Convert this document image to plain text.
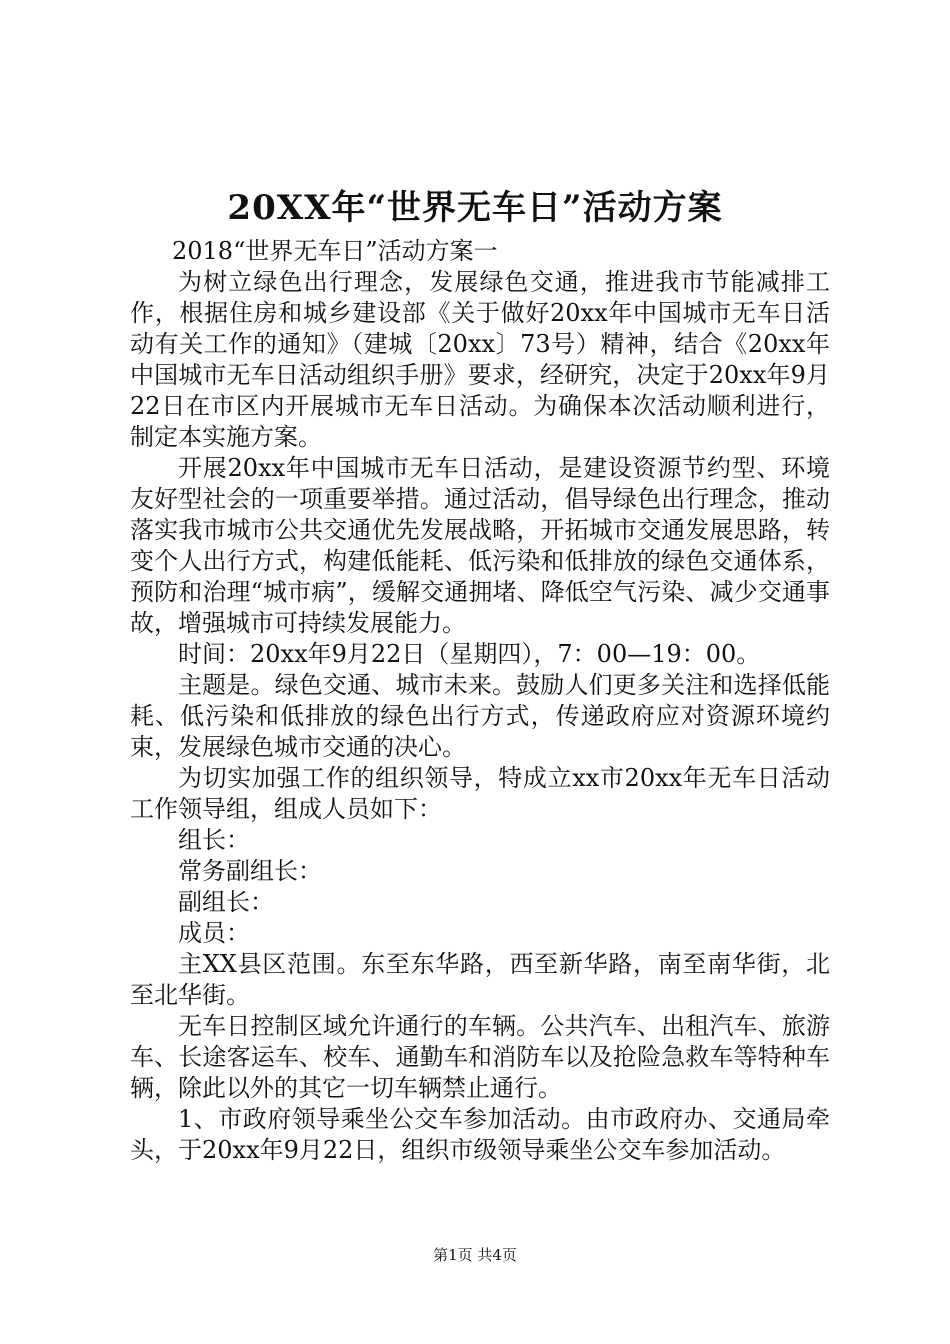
20XX年“世界无车日”活动方案

2018“世界无车日”活动方案一

为树立绿色出行理念，发展绿色交通，推进我市节能减排工作，根据住房和城乡建设部《关于做好20xx年中国城市无车日活动有关工作的通知》（建城〔20xx〕73号）精神，结合《20xx年中国城市无车日活动组织手册》要求，经研究，决定于20xx年9月22日在市区内开展城市无车日活动。为确保本次活动顺利进行，制定本实施方案。

开展20xx年中国城市无车日活动，是建设资源节约型、环境友好型社会的一项重要举措。通过活动，倡导绿色出行理念，推动落实我市城市公共交通优先发展战略，开拓城市交通发展思路，转变个人出行方式，构建低能耗、低污染和低排放的绿色交通体系，预防和治理“城市病”，缓解交通拥堵、降低空气污染、减少交通事故，增强城市可持续发展能力。

时间：20xx年9月22日（星期四），7：00—19：00。

主题是。绿色交通、城市未来。鼓励人们更多关注和选择低能耗、低污染和低排放的绿色出行方式，传递政府应对资源环境约束，发展绿色城市交通的决心。

为切实加强工作的组织领导，特成立xx市20xx年无车日活动工作领导组，组成人员如下：

组长：

常务副组长：

副组长：

成员：

主XX县区范围。东至东华路，西至新华路，南至南华街，北至北华街。

无车日控制区域允许通行的车辆。公共汽车、出租汽车、旅游车、长途客运车、校车、通勤车和消防车以及抢险急救车等特种车辆，除此以外的其它一切车辆禁止通行。

1、市政府领导乘坐公交车参加活动。由市政府办、交通局牵头，于20xx年9月22日，组织市级领导乘坐公交车参加活动。

第1页 共4页
